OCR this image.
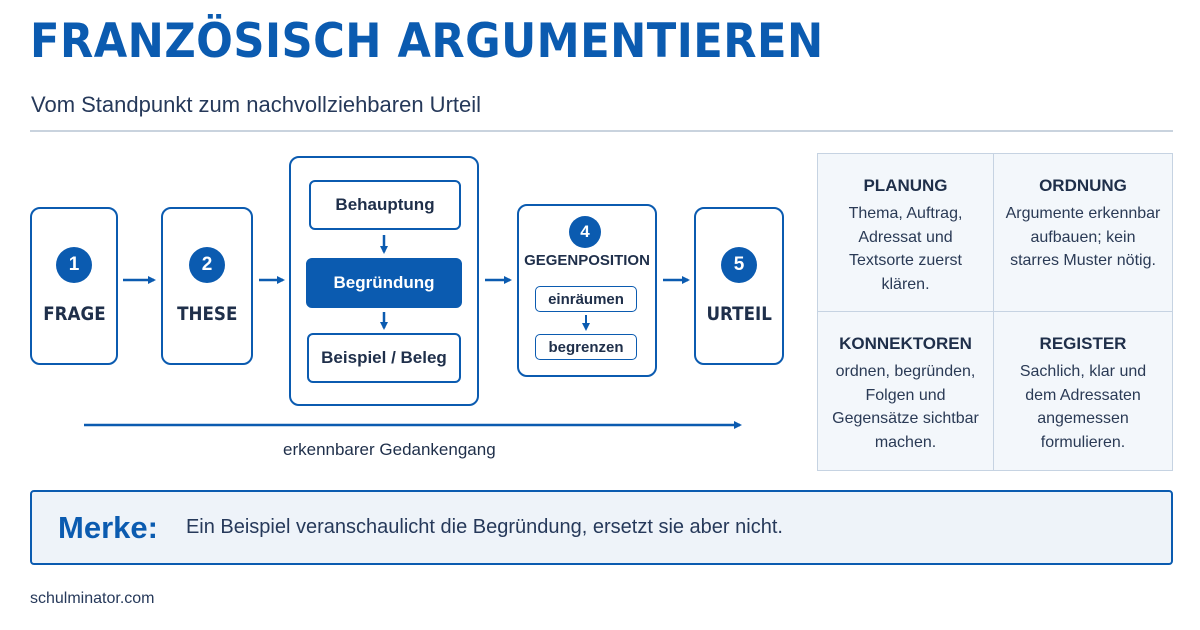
FRANZÖSISCH ARGUMENTIEREN
Vom Standpunkt zum nachvollziehbaren Urteil
1
FRAGE
2
THESE
Behauptung
Begründung
Beispiel / Beleg
4
GEGENPOSITION
einräumen
begrenzen
5
URTEIL
erkennbarer Gedankengang
PLANUNG
Thema, Auftrag, Adressat und Textsorte zuerst klären.
ORDNUNG
Argumente erkennbar aufbauen; kein starres Muster nötig.
KONNEKTOREN
ordnen, begründen, Folgen und Gegensätze sichtbar machen.
REGISTER
Sachlich, klar und dem Adressaten angemessen formulieren.
Merke: Ein Beispiel veranschaulicht die Begründung, ersetzt sie aber nicht.
schulminator.com
